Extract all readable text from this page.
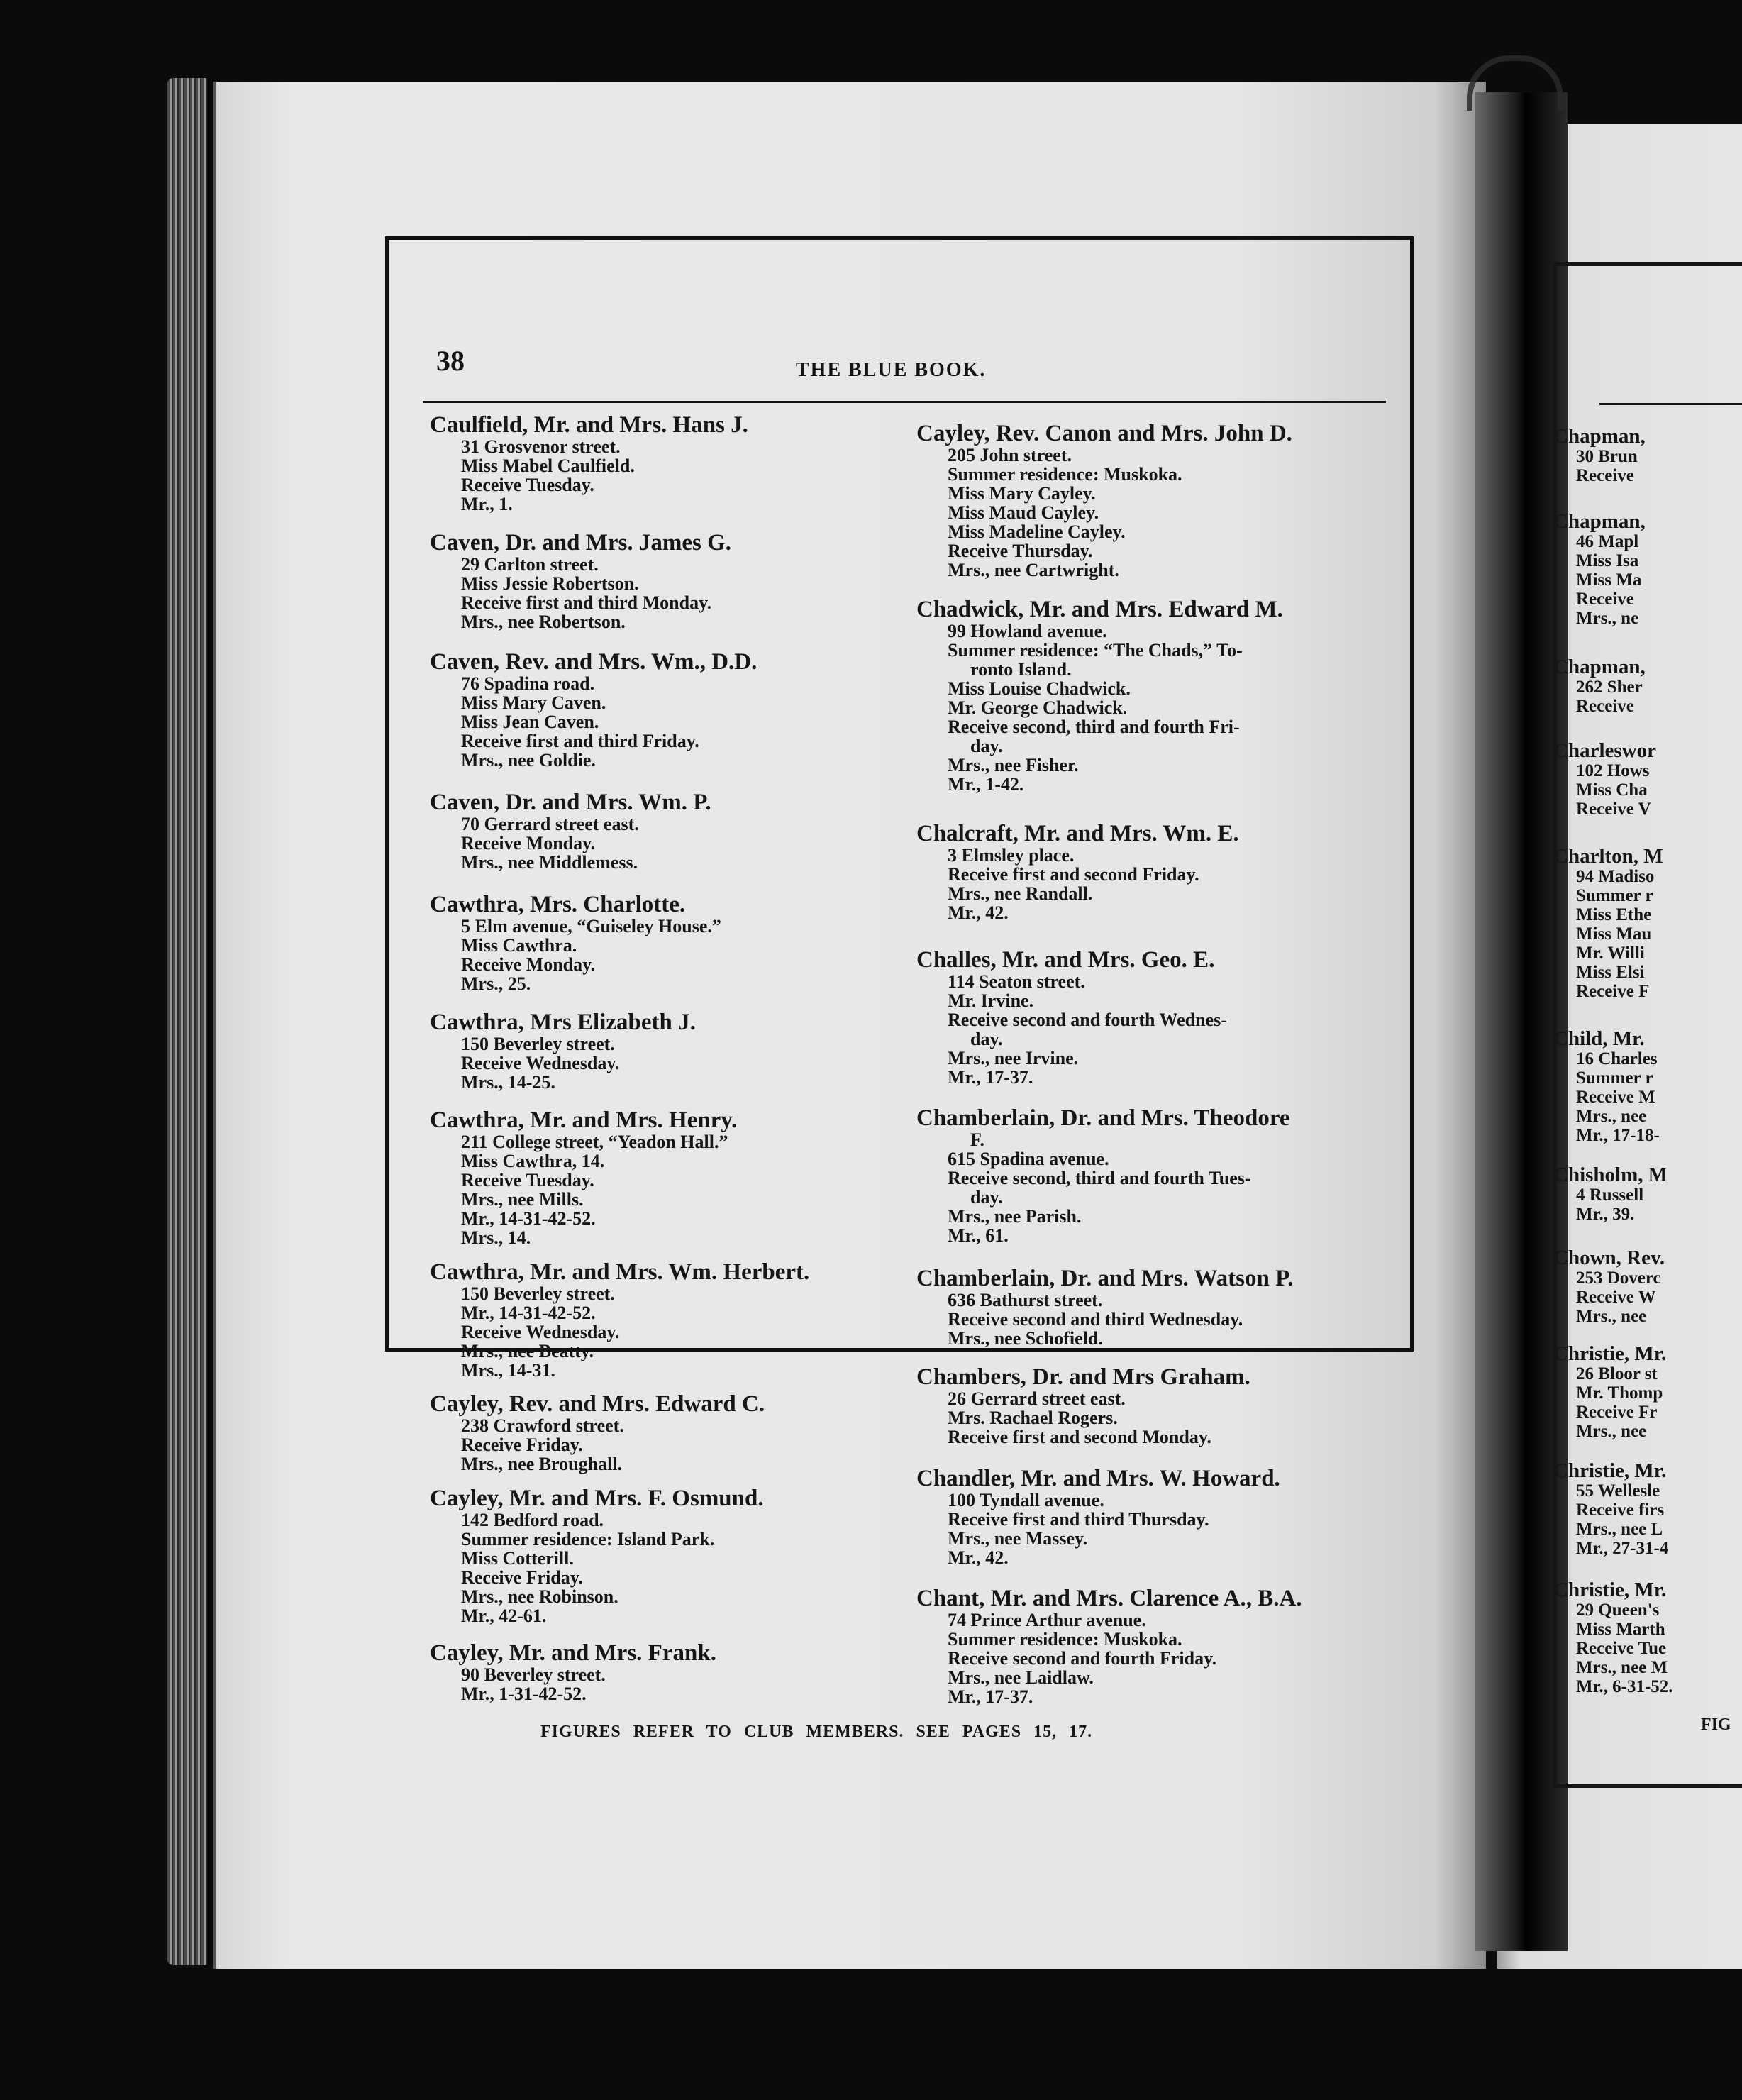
38	THE BLUE BOOK.
Caulfield, Mr. and Mrs. Hans J.
31 Grosvenor street.
Miss Mabel Caulfield.
Receive Tuesday.
Mr., 1.
Caven, Dr. and Mrs. James G.
29 Carlton street.
Miss Jessie Robertson.
Receive first and third Monday.
Mrs., nee Robertson.
Caven, Rev. and Mrs. Wm., D.D.
76 Spadina road.
Miss Mary Caven.
Miss Jean Caven.
Receive first and third Friday.
Mrs., nee Goldie.
Caven, Dr. and Mrs. Wm. P.
70 Gerrard street east.
Receive Monday.
Mrs., nee Middlemess.
Cawthra, Mrs. Charlotte.
5 Elm avenue, “Guiseley House.”
Miss Cawthra.
Receive Monday.
Mrs., 25.
Cawthra, Mrs Elizabeth J.
150 Beverley street.
Receive Wednesday.
Mrs., 14-25.
Cawthra, Mr. and Mrs. Henry.
211 College street, “Yeadon Hall.”
Miss Cawthra, 14.
Receive Tuesday.
Mrs., nee Mills.
Mr., 14-31-42-52.
Mrs., 14.
Cawthra, Mr. and Mrs. Wm. Herbert.
150 Beverley street.
Mr., 14-31-42-52.
Receive Wednesday.
Mrs., nee Beatty.
Mrs., 14-31.
Cayley, Rev. and Mrs. Edward C.
238 Crawford street.
Receive Friday.
Mrs., nee Broughall.
Cayley, Mr. and Mrs. F. Osmund.
142 Bedford road.
Summer residence: Island Park.
Miss Cotterill.
Receive Friday.
Mrs., nee Robinson.
Mr., 42-61.
Cayley, Mr. and Mrs. Frank.
90 Beverley street.
Mr., 1-31-42-52.
Cayley, Rev. Canon and Mrs. John D.
205 John street.
Summer residence: Muskoka.
Miss Mary Cayley.
Miss Maud Cayley.
Miss Madeline Cayley.
Receive Thursday.
Mrs., nee Cartwright.
Chadwick, Mr. and Mrs. Edward M.
99 Howland avenue.
Summer residence: “The Chads,” To-
ronto Island.
Miss Louise Chadwick.
Mr. George Chadwick.
Receive second, third and fourth Fri-
day.
Mrs., nee Fisher.
Mr., 1-42.
Chalcraft, Mr. and Mrs. Wm. E.
3 Elmsley place.
Receive first and second Friday.
Mrs., nee Randall.
Mr., 42.
Challes, Mr. and Mrs. Geo. E.
114 Seaton street.
Mr. Irvine.
Receive second and fourth Wednes-
day.
Mrs., nee Irvine.
Mr., 17-37.
Chamberlain, Dr. and Mrs. Theodore
F.
615 Spadina avenue.
Receive second, third and fourth Tues-
day.
Mrs., nee Parish.
Mr., 61.
Chamberlain, Dr. and Mrs. Watson P.
636 Bathurst street.
Receive second and third Wednesday.
Mrs., nee Schofield.
Chambers, Dr. and Mrs Graham.
26 Gerrard street east.
Mrs. Rachael Rogers.
Receive first and second Monday.
Chandler, Mr. and Mrs. W. Howard.
100 Tyndall avenue.
Receive first and third Thursday.
Mrs., nee Massey.
Mr., 42.
Chant, Mr. and Mrs. Clarence A., B.A.
74 Prince Arthur avenue.
Summer residence: Muskoka.
Receive second and fourth Friday.
Mrs., nee Laidlaw.
Mr., 17-37.
FIGURES REFER TO CLUB MEMBERS. SEE PAGES 15, 17.
Chapman,
30 Brun
Receive
Chapman,
46 Mapl
Miss Isa
Miss Ma
Receive
Mrs., ne
Chapman,
262 Sher
Receive
Charleswor
102 Hows
Miss Cha
Receive V
Charlton, M
94 Madiso
Summer r
Miss Ethe
Miss Mau
Mr. Willi
Miss Elsi
Receive F
Child, Mr.
16 Charles
Summer r
Receive M
Mrs., nee
Mr., 17-18-
Chisholm, M
4 Russell
Mr., 39.
Chown, Rev.
253 Doverc
Receive W
Mrs., nee
Christie, Mr.
26 Bloor st
Mr. Thomp
Receive Fr
Mrs., nee
Christie, Mr.
55 Wellesle
Receive firs
Mrs., nee L
Mr., 27-31-4
Christie, Mr.
29 Queen's
Miss Marth
Receive Tue
Mrs., nee M
Mr., 6-31-52.
FIG
